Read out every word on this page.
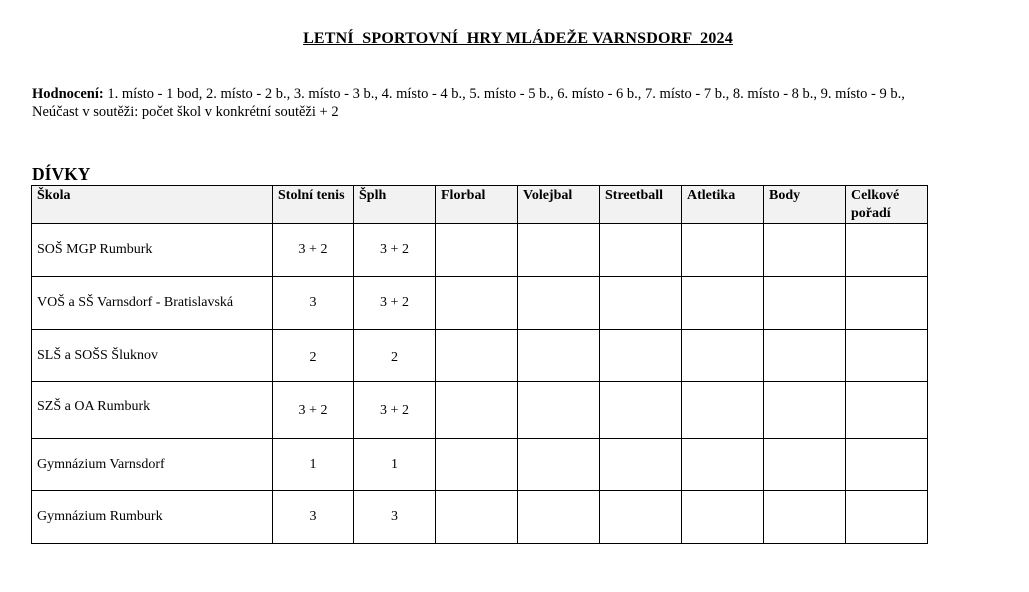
LETNÍ  SPORTOVNÍ  HRY MLÁDEŽE VARNSDORF  2024
Hodnocení: 1. místo - 1 bod, 2. místo - 2 b., 3. místo - 3 b., 4. místo - 4 b., 5. místo - 5 b., 6. místo - 6 b., 7. místo - 7 b., 8. místo - 8 b., 9. místo - 9 b.,
Neúčast v soutěži: počet škol v konkrétní soutěži + 2
DÍVKY
Škola	Stolní tenis	Šplh	Florbal	Volejbal	Streetball	Atletika	Body	Celkové pořadí
SOŠ MGP Rumburk	3 + 2	3 + 2						
VOŠ a SŠ Varnsdorf - Bratislavská	3	3 + 2						
SLŠ a SOŠS Šluknov	2	2						
SZŠ a OA Rumburk	3 + 2	3 + 2						
Gymnázium Varnsdorf	1	1						
Gymnázium Rumburk	3	3						
